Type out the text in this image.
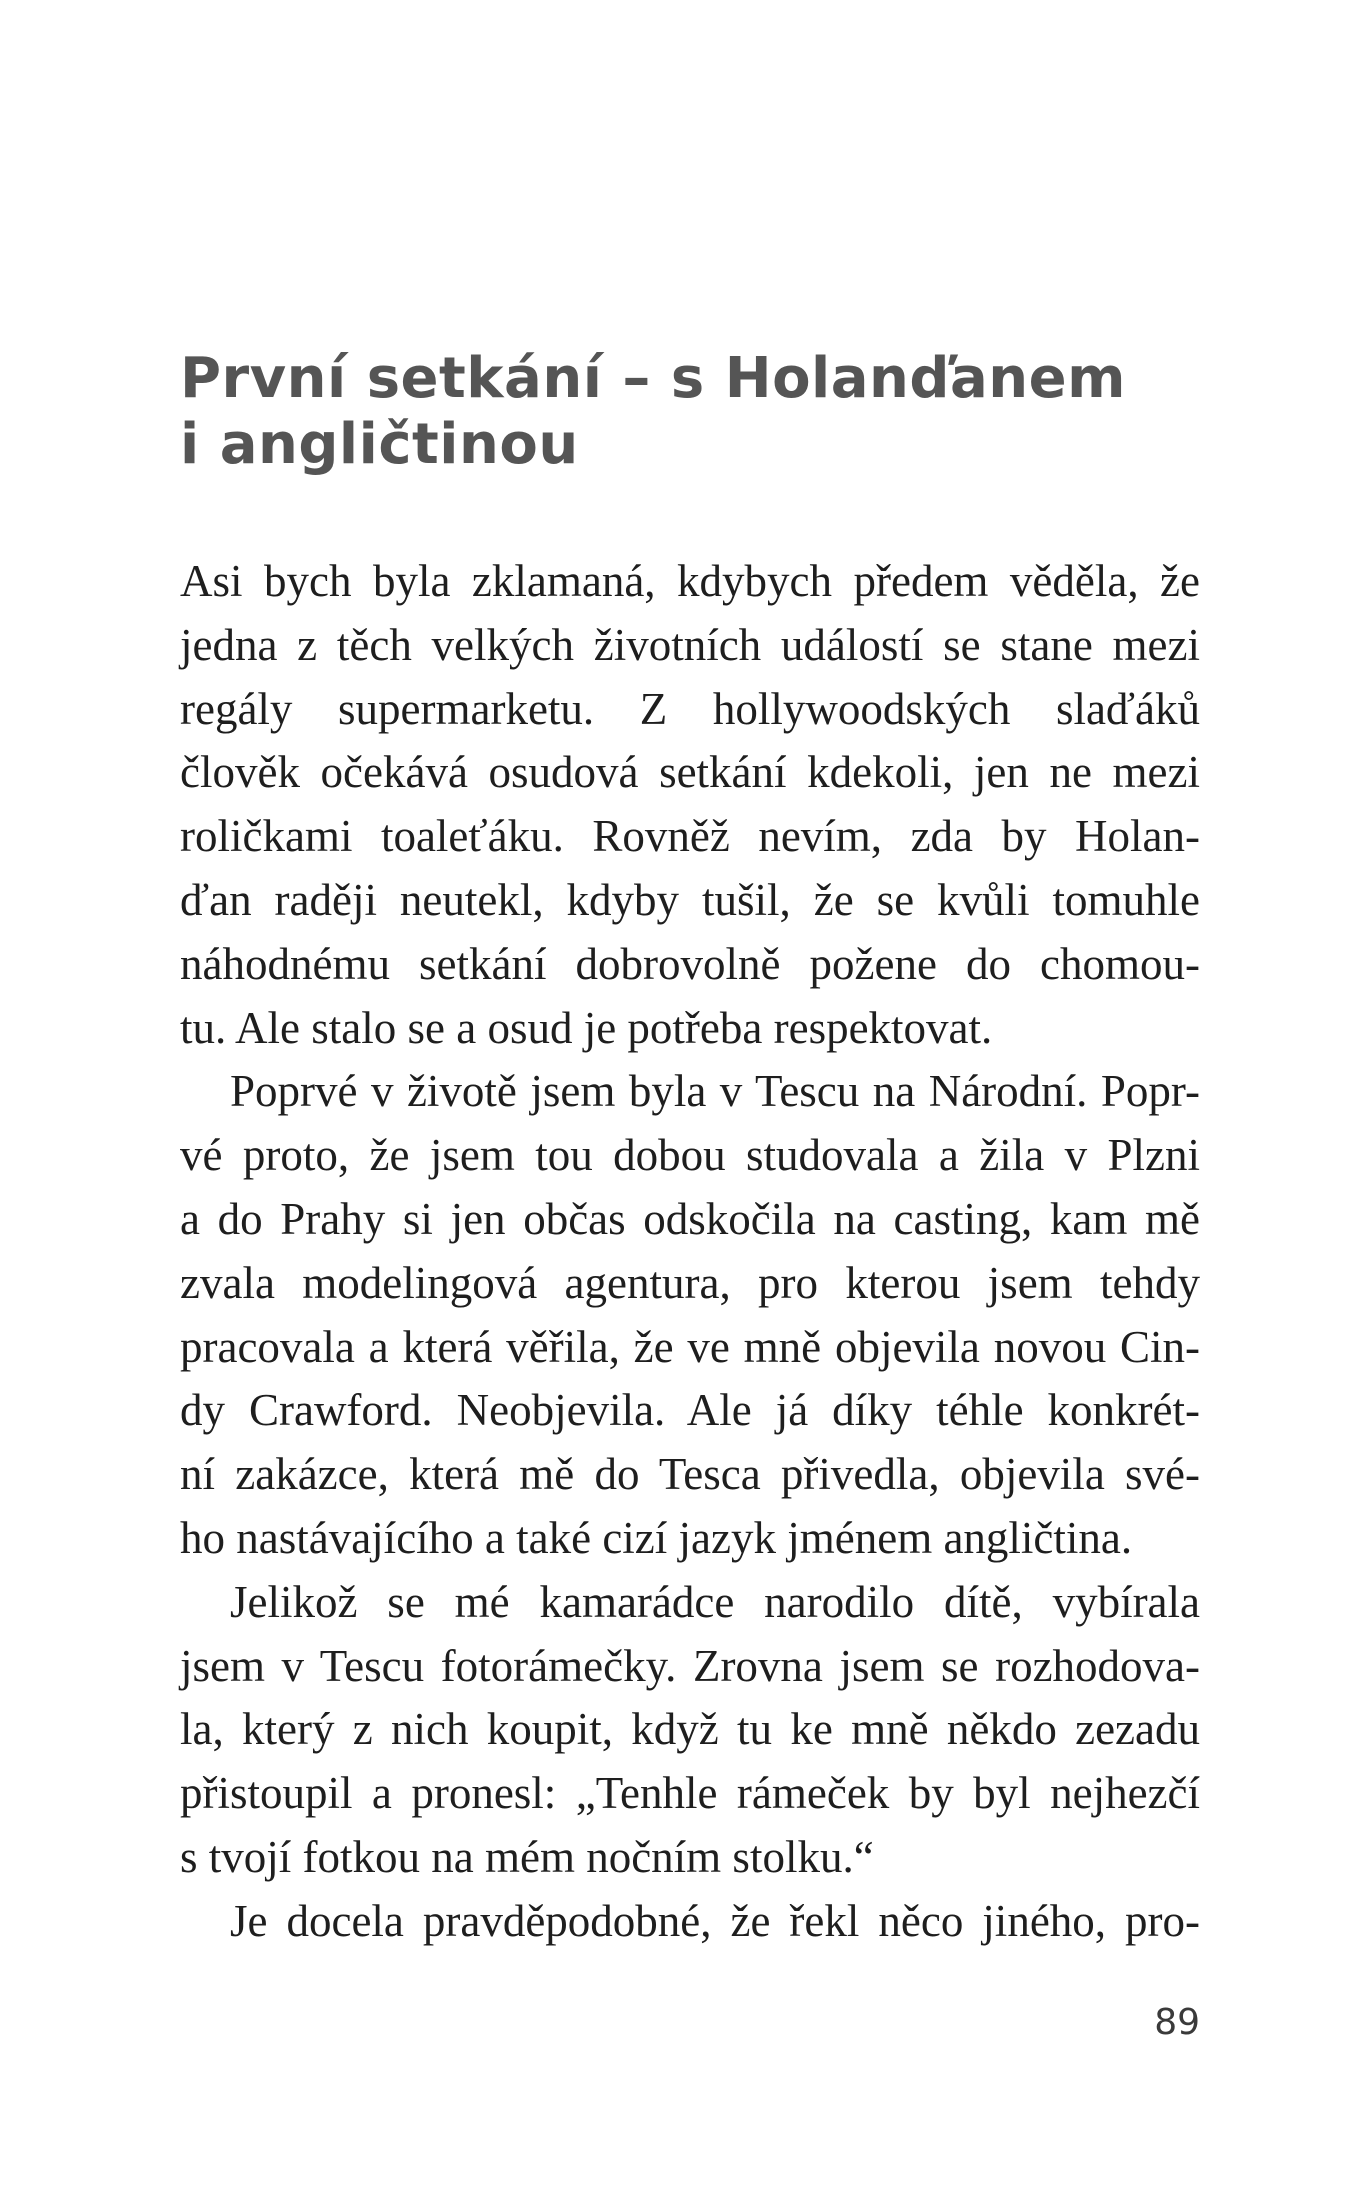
První setkání – s Holanďanem
i angličtinou
Asi bych byla zklamaná, kdybych předem věděla, že
jedna z těch velkých životních událostí se stane mezi
regály supermarketu. Z hollywoodských slaďáků
člověk očekává osudová setkání kdekoli, jen ne mezi
roličkami toaleťáku. Rovněž nevím, zda by Holan-
ďan raději neutekl, kdyby tušil, že se kvůli tomuhle
náhodnému setkání dobrovolně požene do chomou-
tu. Ale stalo se a osud je potřeba respektovat.
Poprvé v životě jsem byla v Tescu na Národní. Popr-
vé proto, že jsem tou dobou studovala a žila v Plzni
a do Prahy si jen občas odskočila na casting, kam mě
zvala modelingová agentura, pro kterou jsem tehdy
pracovala a která věřila, že ve mně objevila novou Cin-
dy Crawford. Neobjevila. Ale já díky téhle konkrét-
ní zakázce, která mě do Tesca přivedla, objevila své-
ho nastávajícího a také cizí jazyk jménem angličtina.
Jelikož se mé kamarádce narodilo dítě, vybírala
jsem v Tescu fotorámečky. Zrovna jsem se rozhodova-
la, který z nich koupit, když tu ke mně někdo zezadu
přistoupil a pronesl: „Tenhle rámeček by byl nejhezčí
s tvojí fotkou na mém nočním stolku.“
Je docela pravděpodobné, že řekl něco jiného, pro-
89
